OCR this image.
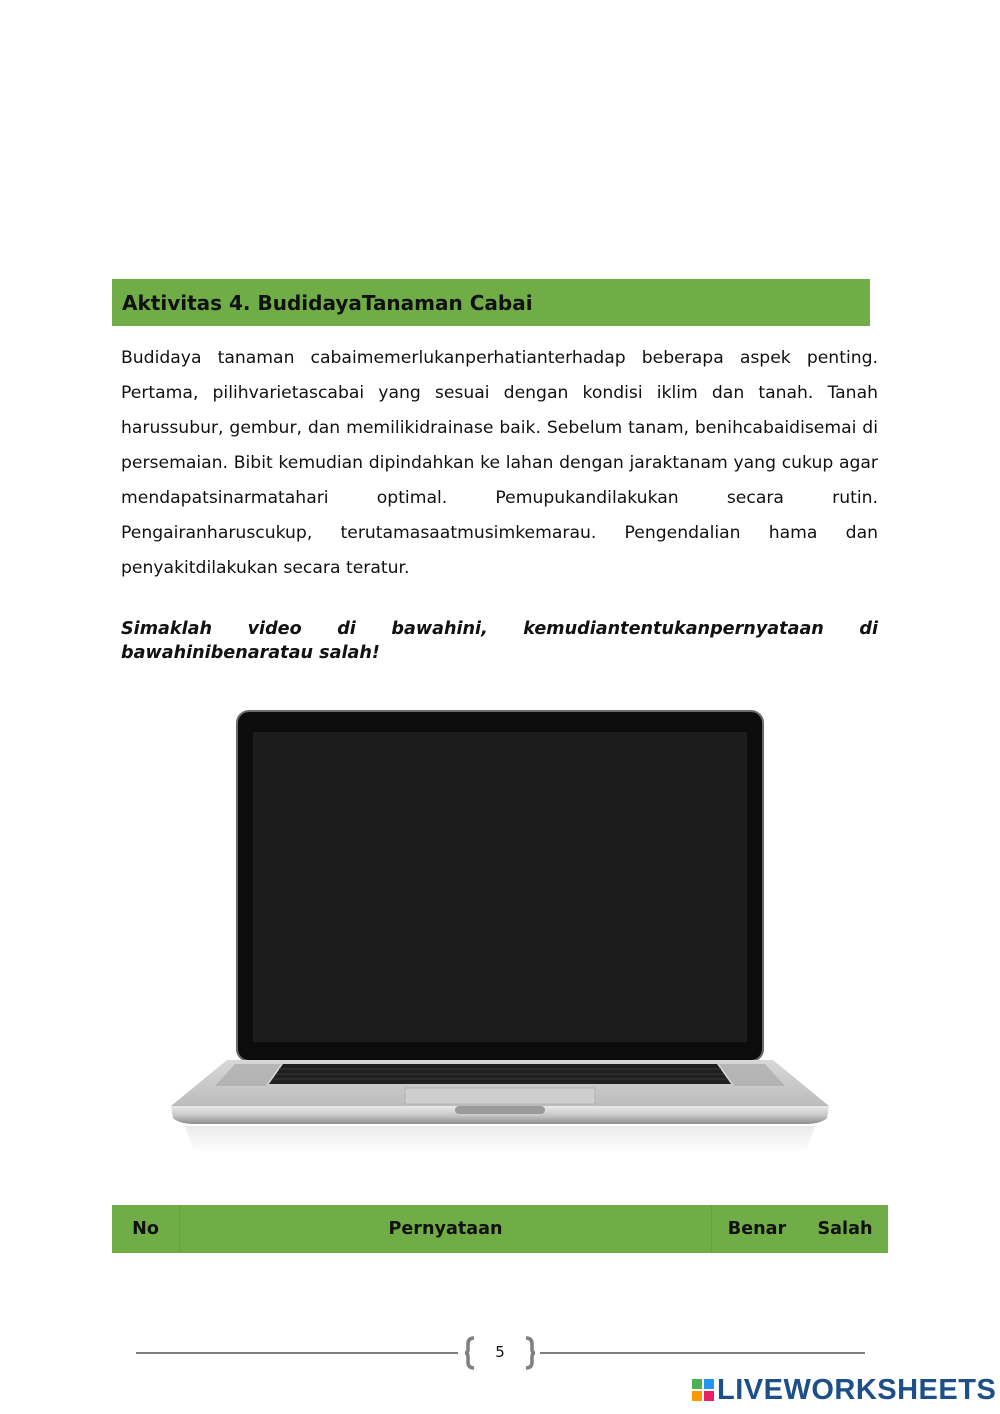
Aktivitas 4. BudidayaTanaman Cabai

Budidaya tanaman cabaimemerlukanperhatianterhadap beberapa aspek penting. Pertama, pilihvarietascabai yang sesuai dengan kondisi iklim dan tanah. Tanah harussubur, gembur, dan memilikidrainase baik. Sebelum tanam, benihcabaidisemai di persemaian. Bibit kemudian dipindahkan ke lahan dengan jaraktanam yang cukup agar mendapatsinarmatahari optimal. Pemupukandilakukan secara rutin. Pengairanharuscukup, terutamasaatmusimkemarau. Pengendalian hama dan penyakitdilakukan secara teratur.

Simaklah video di bawahini, kemudiantentukanpernyataan di bawahinibenaratau salah!

No	Pernyataan	Benar	Salah
5
LIVEWORKSHEETS
